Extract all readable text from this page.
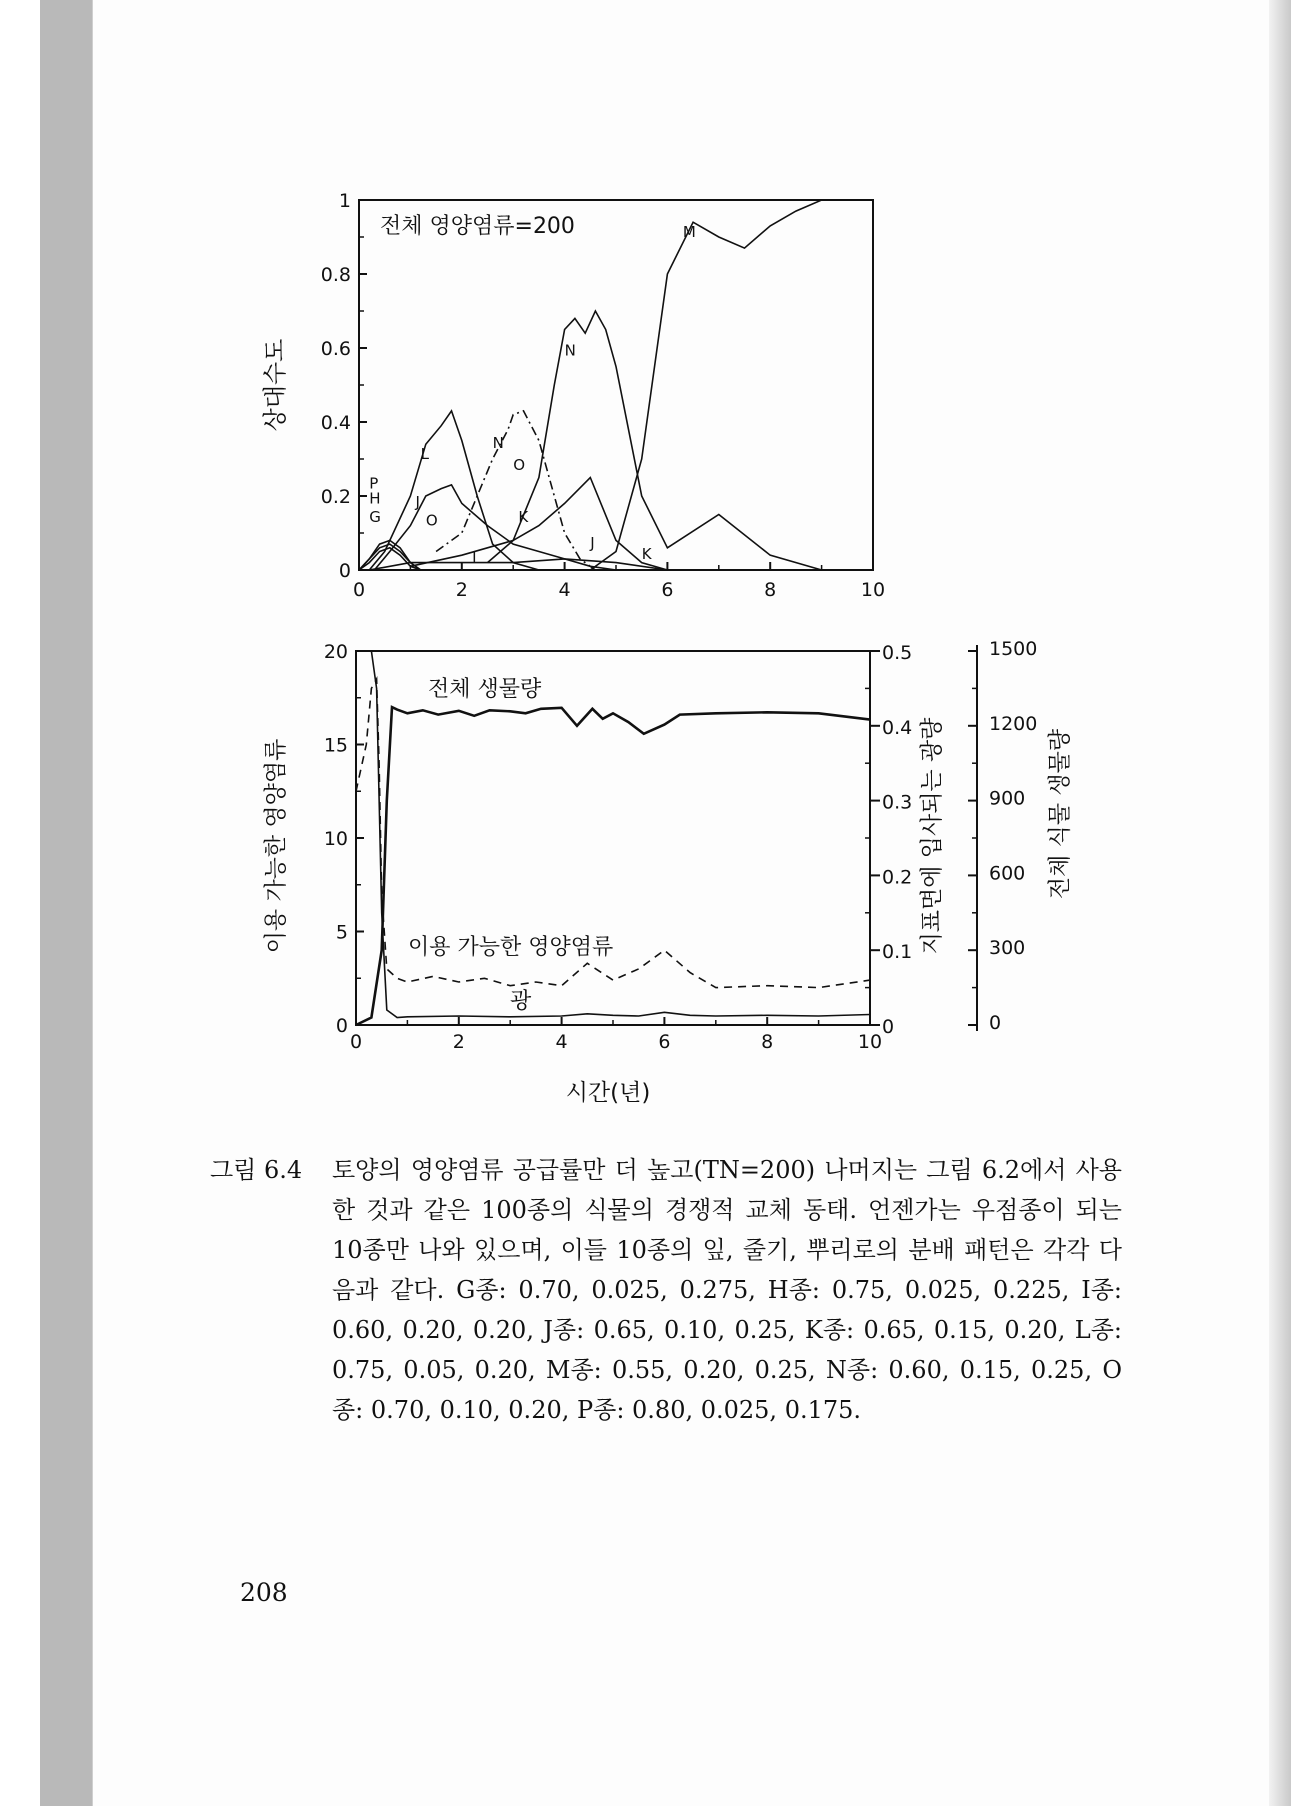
0	2	4	6	8	10
0
0.2
0.4
0.6
0.8
1
M
N
L
N
O
J
O	K
I
J
K
P
H
G
전체 영양염류=200
상대수도
0	2	4	6	8	10
0
5
10
15
20
0
0.1
0.2
0.3
0.4
0.5
0
300
600
900
1200
1500
전체 생물량
이용 가능한 영양염류
광
시간(년)
이용 가능한 영양염류	지표면에 입사되는 광량	전체 식물 생물량
그림 6.4 토양의 영양염류 공급률만 더 높고(TN=200) 나머지는 그림 6.2에서 사용한 것과 같은 100종의 식물의 경쟁적 교체 동태. 언젠가는 우점종이 되는 10종만 나와 있으며, 이들 10종의 잎, 줄기, 뿌리로의 분배 패턴은 각각 다음과 같다. G종: 0.70, 0.025, 0.275, H종: 0.75, 0.025, 0.225, I종: 0.60, 0.20, 0.20, J종: 0.65, 0.10, 0.25, K종: 0.65, 0.15, 0.20, L종: 0.75, 0.05, 0.20, M종: 0.55, 0.20, 0.25, N종: 0.60, 0.15, 0.25, O종: 0.70, 0.10, 0.20, P종: 0.80, 0.025, 0.175.
208
